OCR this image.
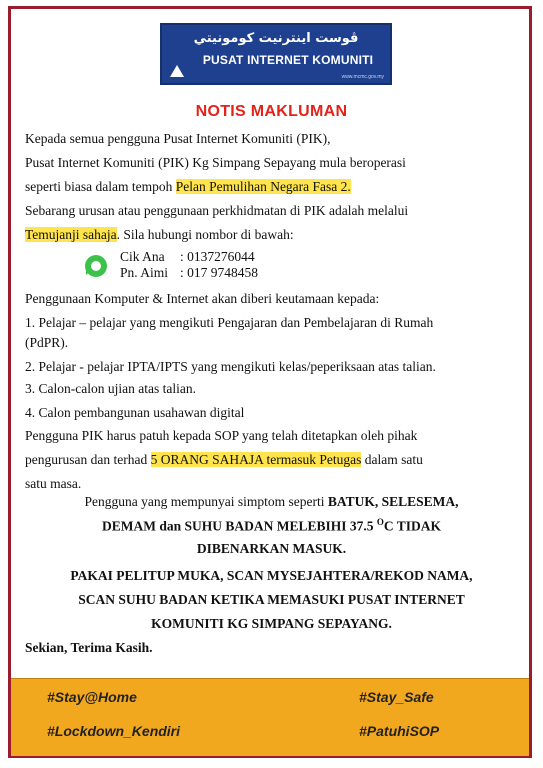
ڤوست اينترنيت كومونيتي
PUSAT INTERNET KOMUNITI
www.mcmc.gov.my
NOTIS MAKLUMAN
Kepada semua pengguna Pusat Internet Komuniti (PIK),
Pusat Internet Komuniti (PIK) Kg Simpang Sepayang mula beroperasi
seperti biasa dalam tempoh Pelan Pemulihan Negara Fasa 2.
Sebarang urusan atau penggunaan perkhidmatan di PIK adalah melalui
Temujanji sahaja. Sila hubungi nombor di bawah:
Cik Ana : 0137276044
Pn. Aimi : 017 9748458
Penggunaan Komputer & Internet akan diberi keutamaan kepada:
1. Pelajar – pelajar yang mengikuti Pengajaran dan Pembelajaran di Rumah
(PdPR).
2. Pelajar - pelajar IPTA/IPTS yang mengikuti kelas/peperiksaan atas talian.
3. Calon-calon ujian atas talian.
4. Calon pembangunan usahawan digital
Pengguna PIK harus patuh kepada SOP yang telah ditetapkan oleh pihak
pengurusan dan terhad 5 ORANG SAHAJA termasuk Petugas dalam satu
satu masa.
Pengguna yang mempunyai simptom seperti BATUK, SELESEMA,
DEMAM dan SUHU BADAN MELEBIHI 37.5 $^O$C TIDAK
DIBENARKAN MASUK.
PAKAI PELITUP MUKA, SCAN MYSEJAHTERA/REKOD NAMA,
SCAN SUHU BADAN KETIKA MEMASUKI PUSAT INTERNET
KOMUNITI KG SIMPANG SEPAYANG.
Sekian, Terima Kasih.
#Stay@Home	#Stay_Safe
#Lockdown_Kendiri	#PatuhiSOP
